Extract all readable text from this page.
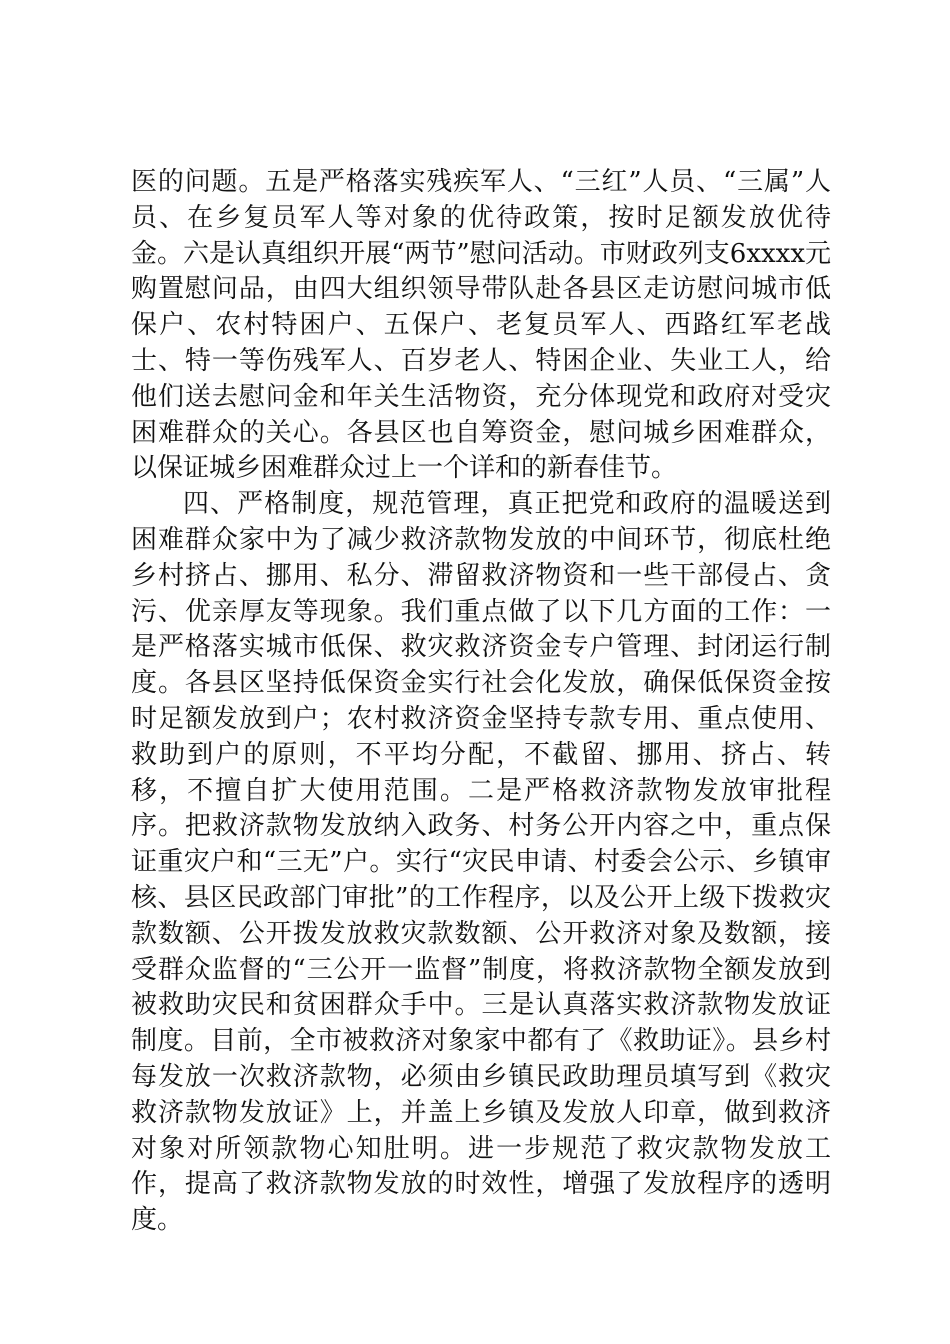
医的问题。五是严格落实残疾军人、“三红”人员、“三属”人员、在乡复员军人等对象的优待政策，按时足额发放优待金。六是认真组织开展“两节”慰问活动。市财政列支6xxxx元购置慰问品，由四大组织领导带队赴各县区走访慰问城市低保户、农村特困户、五保户、老复员军人、西路红军老战士、特一等伤残军人、百岁老人、特困企业、失业工人，给他们送去慰问金和年关生活物资，充分体现党和政府对受灾困难群众的关心。各县区也自筹资金，慰问城乡困难群众，以保证城乡困难群众过上一个详和的新春佳节。

四、严格制度，规范管理，真正把党和政府的温暖送到困难群众家中为了减少救济款物发放的中间环节，彻底杜绝乡村挤占、挪用、私分、滞留救济物资和一些干部侵占、贪污、优亲厚友等现象。我们重点做了以下几方面的工作：一是严格落实城市低保、救灾救济资金专户管理、封闭运行制度。各县区坚持低保资金实行社会化发放，确保低保资金按时足额发放到户；农村救济资金坚持专款专用、重点使用、救助到户的原则，不平均分配，不截留、挪用、挤占、转移，不擅自扩大使用范围。二是严格救济款物发放审批程序。把救济款物发放纳入政务、村务公开内容之中，重点保证重灾户和“三无”户。实行“灾民申请、村委会公示、乡镇审核、县区民政部门审批”的工作程序，以及公开上级下拨救灾款数额、公开拨发放救灾款数额、公开救济对象及数额，接受群众监督的“三公开一监督”制度，将救济款物全额发放到被救助灾民和贫困群众手中。三是认真落实救济款物发放证制度。目前，全市被救济对象家中都有了《救助证》。县乡村每发放一次救济款物，必须由乡镇民政助理员填写到《救灾救济款物发放证》上，并盖上乡镇及发放人印章，做到救济对象对所领款物心知肚明。进一步规范了救灾款物发放工作，提高了救济款物发放的时效性，增强了发放程序的透明度。
